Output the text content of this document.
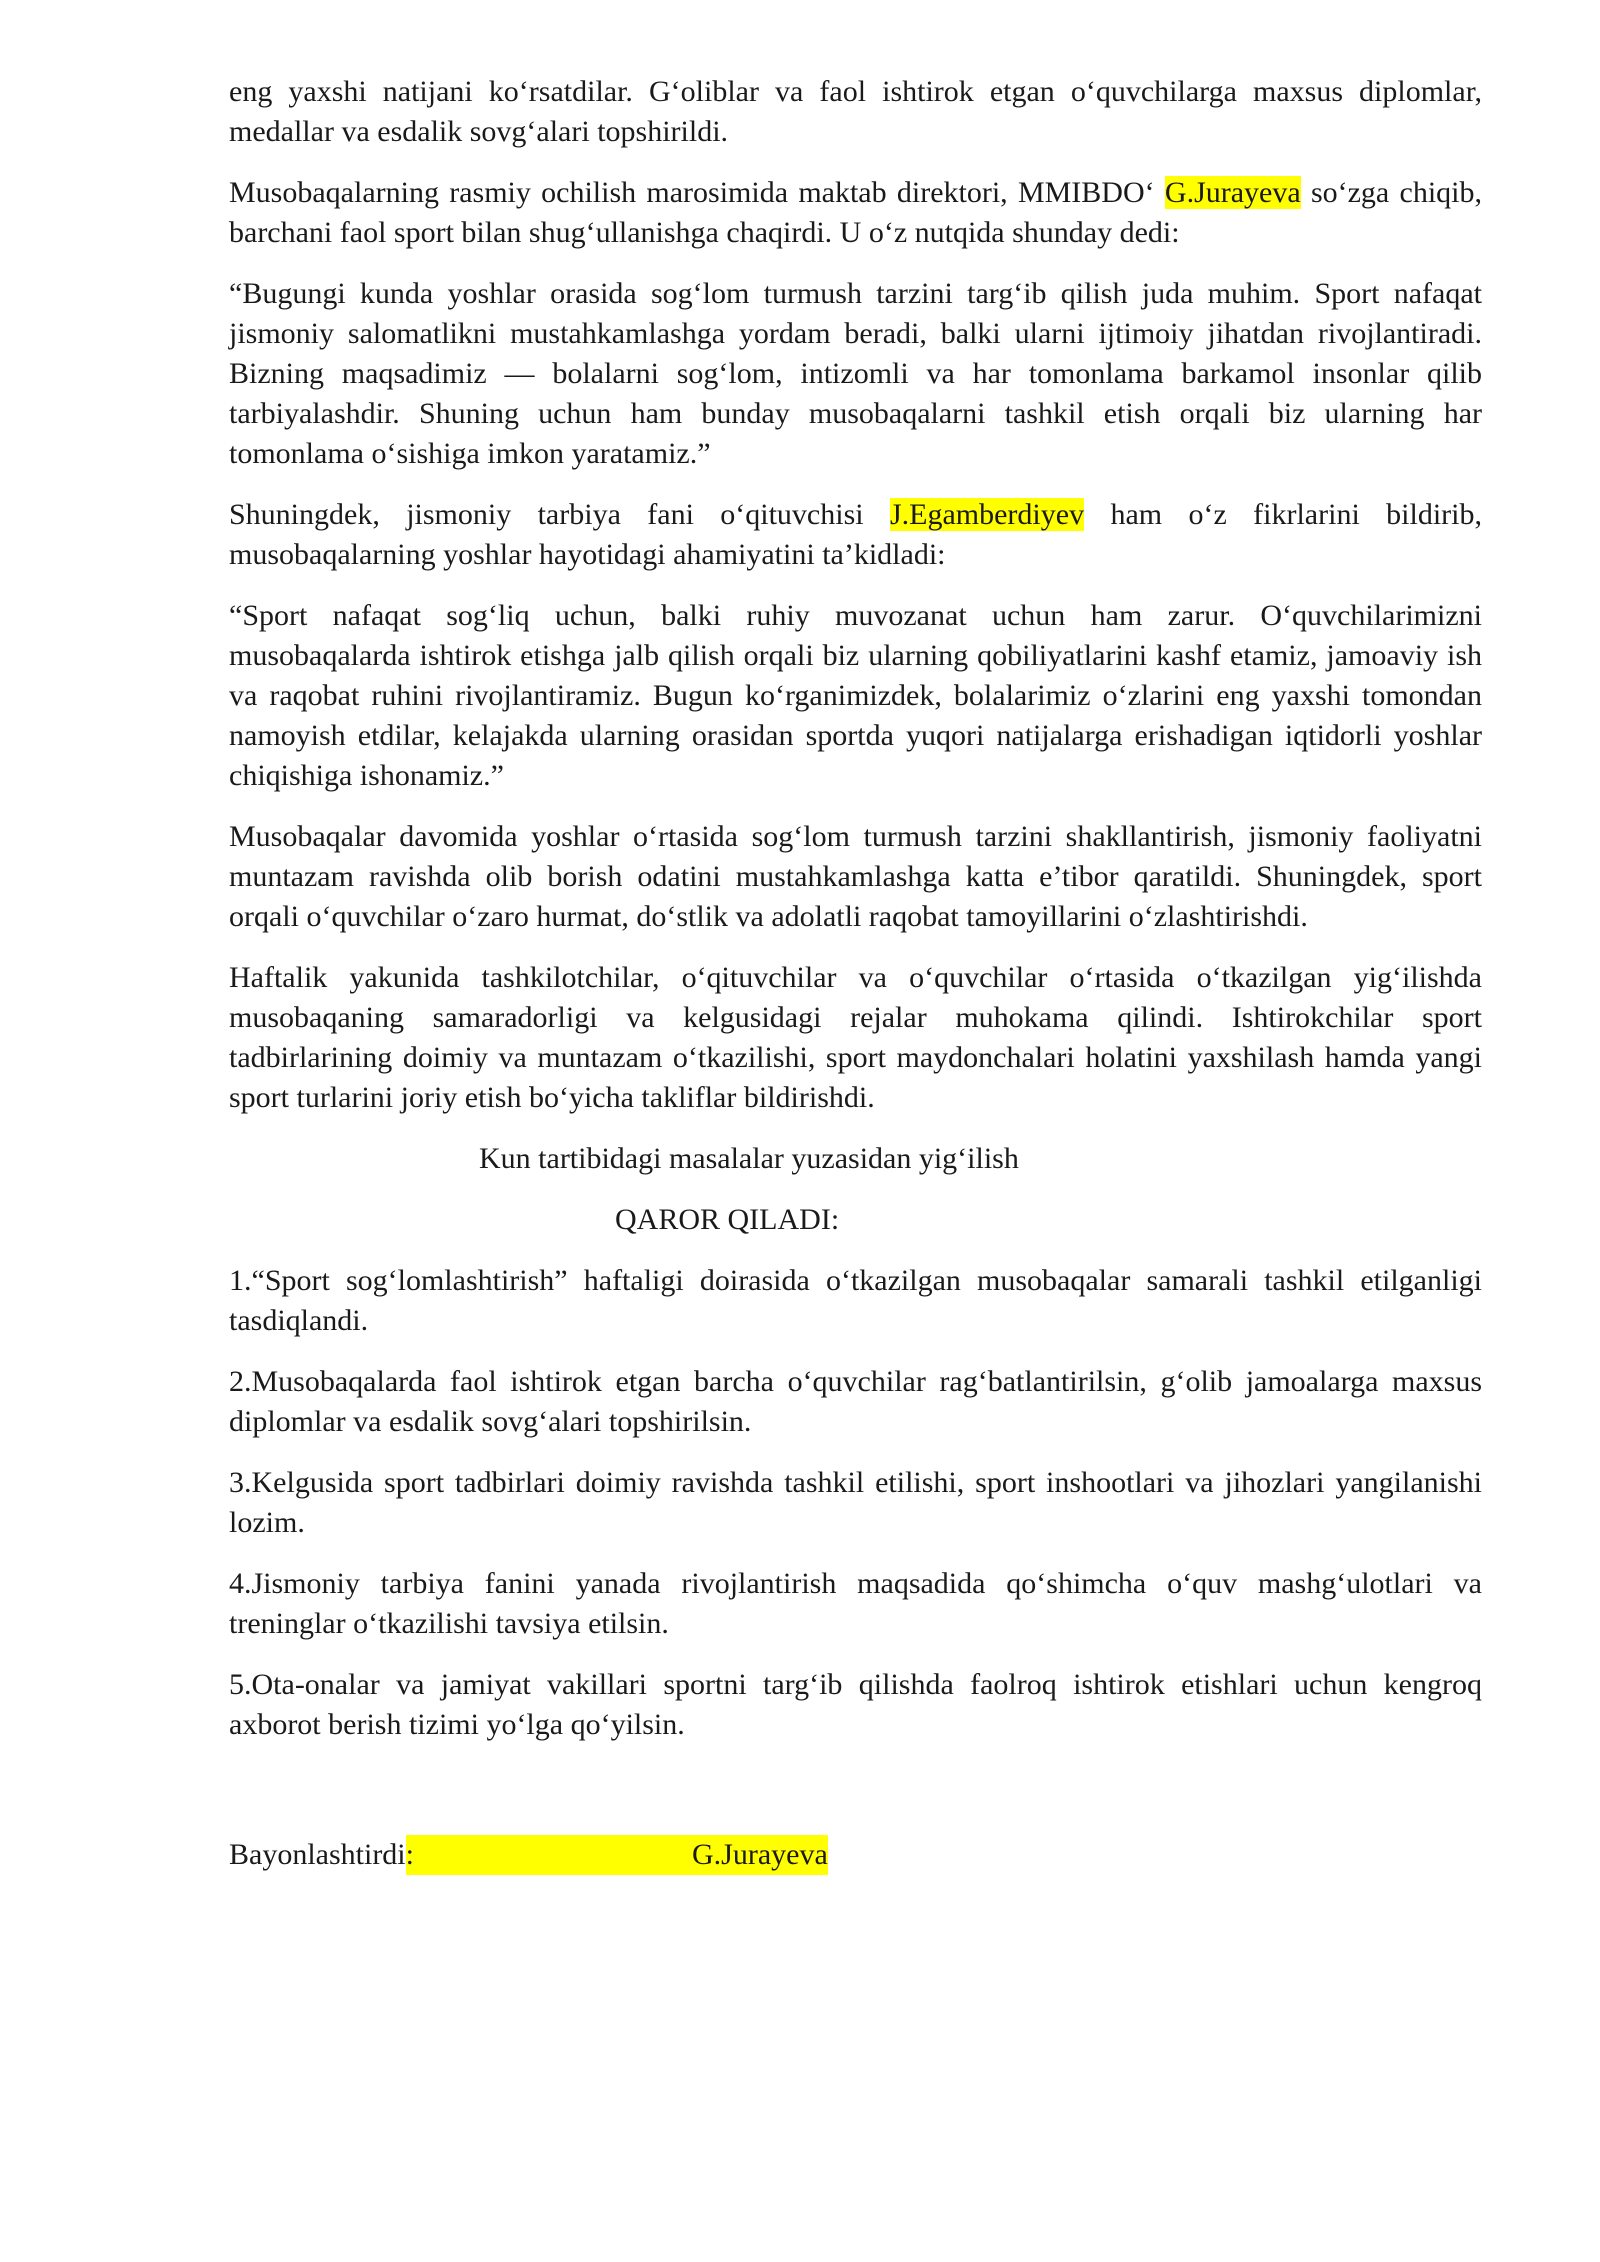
eng yaxshi natijani ko‘rsatdilar. G‘oliblar va faol ishtirok etgan o‘quvchilarga maxsus diplomlar, medallar va esdalik sovg‘alari topshirildi.

Musobaqalarning rasmiy ochilish marosimida maktab direktori, MMIBDO‘ G.Jurayeva so‘zga chiqib, barchani faol sport bilan shug‘ullanishga chaqirdi. U o‘z nutqida shunday dedi:

“Bugungi kunda yoshlar orasida sog‘lom turmush tarzini targ‘ib qilish juda muhim. Sport nafaqat jismoniy salomatlikni mustahkamlashga yordam beradi, balki ularni ijtimoiy jihatdan rivojlantiradi. Bizning maqsadimiz — bolalarni sog‘lom, intizomli va har tomonlama barkamol insonlar qilib tarbiyalashdir. Shuning uchun ham bunday musobaqalarni tashkil etish orqali biz ularning har tomonlama o‘sishiga imkon yaratamiz.”

Shuningdek, jismoniy tarbiya fani o‘qituvchisi J.Egamberdiyev ham o‘z fikrlarini bildirib, musobaqalarning yoshlar hayotidagi ahamiyatini ta’kidladi:

“Sport nafaqat sog‘liq uchun, balki ruhiy muvozanat uchun ham zarur. O‘quvchilarimizni musobaqalarda ishtirok etishga jalb qilish orqali biz ularning qobiliyatlarini kashf etamiz, jamoaviy ish va raqobat ruhini rivojlantiramiz. Bugun ko‘rganimizdek, bolalarimiz o‘zlarini eng yaxshi tomondan namoyish etdilar, kelajakda ularning orasidan sportda yuqori natijalarga erishadigan iqtidorli yoshlar chiqishiga ishonamiz.”

Musobaqalar davomida yoshlar o‘rtasida sog‘lom turmush tarzini shakllantirish, jismoniy faoliyatni muntazam ravishda olib borish odatini mustahkamlashga katta e’tibor qaratildi. Shuningdek, sport orqali o‘quvchilar o‘zaro hurmat, do‘stlik va adolatli raqobat tamoyillarini o‘zlashtirishdi.

Haftalik yakunida tashkilotchilar, o‘qituvchilar va o‘quvchilar o‘rtasida o‘tkazilgan yig‘ilishda musobaqaning samaradorligi va kelgusidagi rejalar muhokama qilindi. Ishtirokchilar sport tadbirlarining doimiy va muntazam o‘tkazilishi, sport maydonchalari holatini yaxshilash hamda yangi sport turlarini joriy etish bo‘yicha takliflar bildirishdi.

Kun tartibidagi masalalar yuzasidan yig‘ilish

QAROR QILADI:

1.“Sport sog‘lomlashtirish” haftaligi doirasida o‘tkazilgan musobaqalar samarali tashkil etilganligi tasdiqlandi.

2.Musobaqalarda faol ishtirok etgan barcha o‘quvchilar rag‘batlantirilsin, g‘olib jamoalarga maxsus diplomlar va esdalik sovg‘alari topshirilsin.

3.Kelgusida sport tadbirlari doimiy ravishda tashkil etilishi, sport inshootlari va jihozlari yangilanishi lozim.

4.Jismoniy tarbiya fanini yanada rivojlantirish maqsadida qo‘shimcha o‘quv mashg‘ulotlari va treninglar o‘tkazilishi tavsiya etilsin.

5.Ota-onalar va jamiyat vakillari sportni targ‘ib qilishda faolroq ishtirok etishlari uchun kengroq axborot berish tizimi yo‘lga qo‘yilsin.

Bayonlashtirdi:	G.Jurayeva
